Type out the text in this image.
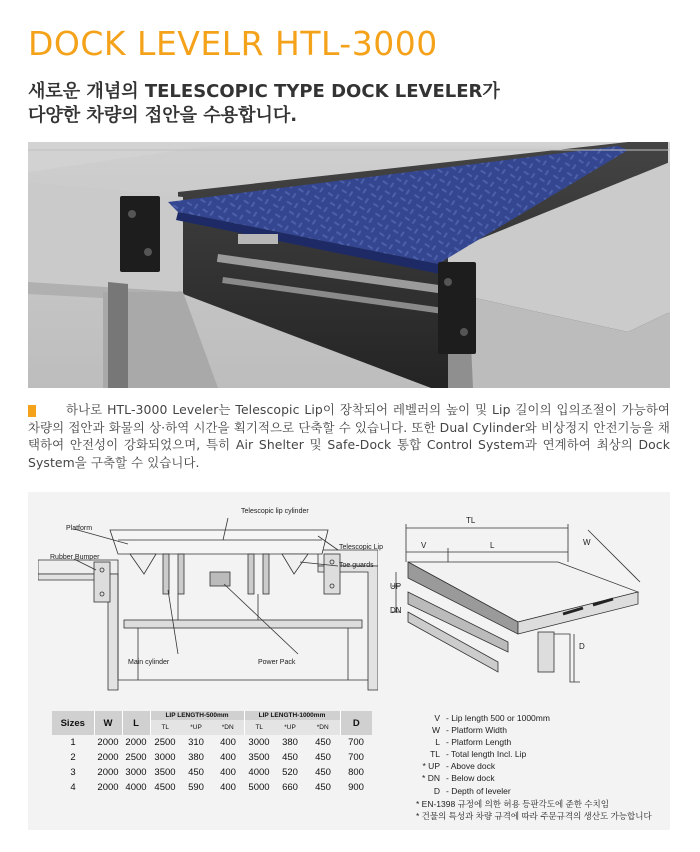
DOCK LEVELR HTL-3000
새로운 개념의 TELESCOPIC TYPE DOCK LEVELER가
다양한 차량의 접안을 수용합니다.
하나로 HTL-3000 Leveler는 Telescopic Lip이 장착되어 레벨러의 높이 및 Lip 길이의 입의조절이 가능하여 차량의 접안과 화물의 상·하역 시간을 획기적으로 단축할 수 있습니다. 또한 Dual Cylinder와 비상정지 안전기능을 채택하여 안전성이 강화되었으며, 특히 Air Shelter 및 Safe-Dock 통합 Control System과 연계하여 최상의 Dock System을 구축할 수 있습니다.
Telescopic lip cylinder
Platform
Telescopic Lip
Rubber Bumper
Toe guards
Main cylinder	Power Pack
TL
V	L	W
UP
DN
D
Sizes	W	L	LIP LENGTH-500mm			LIP LENGTH-1000mm			D
			TL	*UP	*DN	TL	*UP	*DN	
1	2000	2000	2500	310	400	3000	380	450	700
2	2000	2500	3000	380	400	3500	450	450	700
3	2000	3000	3500	450	400	4000	520	450	800
4	2000	4000	4500	590	400	5000	660	450	900
V - Lip length 500 or 1000mm
W - Platform Width
L - Platform Length
TL - Total length Incl. Lip
* UP - Above dock
* DN - Below dock
D - Depth of leveler
* EN-1398 규정에 의한 허용 등판각도에 준한 수치임
* 건물의 특성과 차량 규격에 따라 주문규격의 생산도 가능합니다
